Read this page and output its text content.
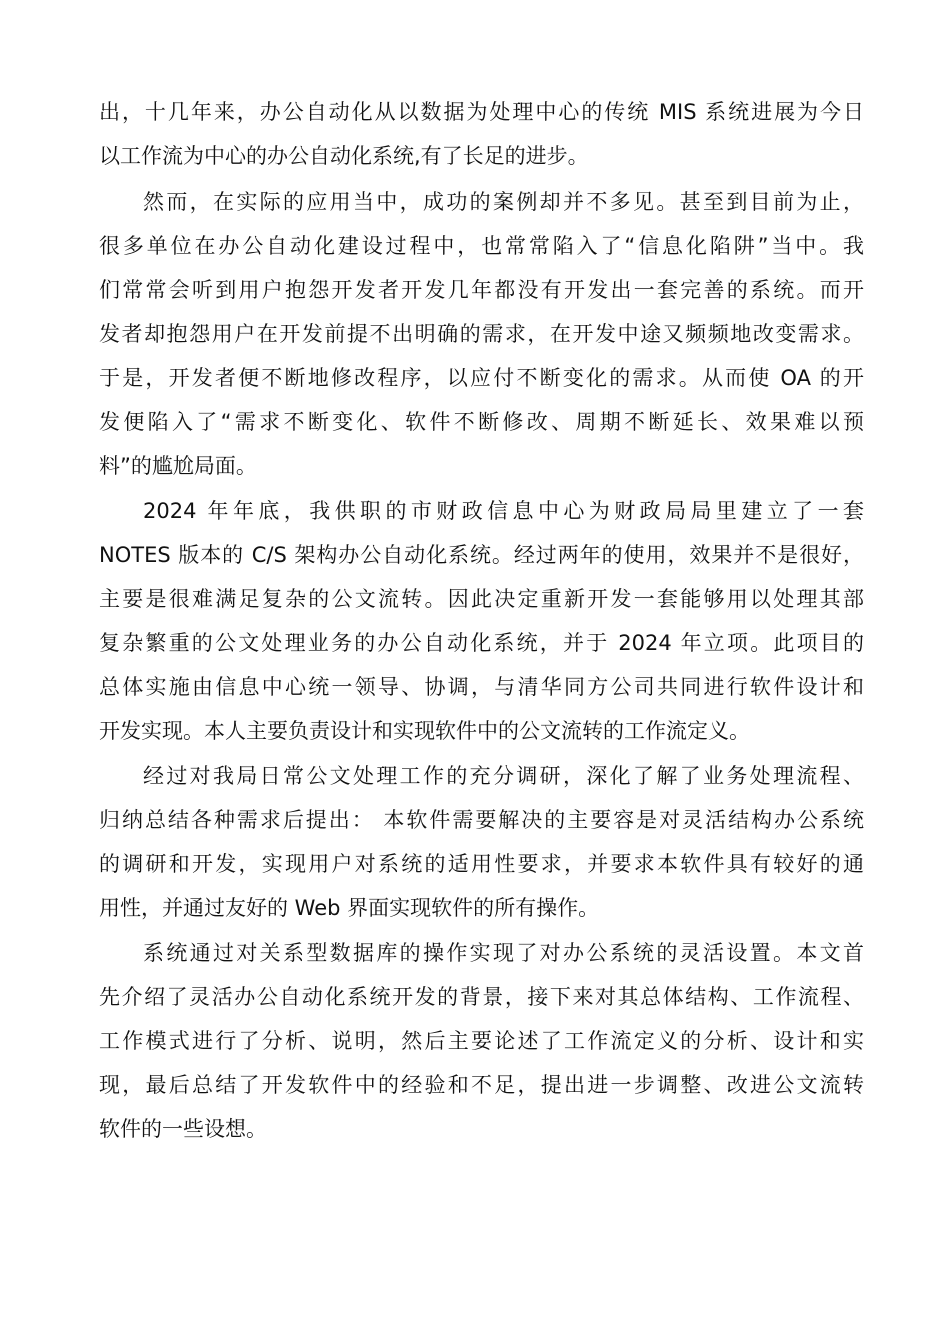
出，十几年来，办公自动化从以数据为处理中心的传统 MIS 系统进展为今日
以工作流为中心的办公自动化系统,有了长足的进步。
然而，在实际的应用当中，成功的案例却并不多见。甚至到目前为止，
很多单位在办公自动化建设过程中，也常常陷入了“信息化陷阱”当中。我
们常常会听到用户抱怨开发者开发几年都没有开发出一套完善的系统。而开
发者却抱怨用户在开发前提不出明确的需求，在开发中途又频频地改变需求。
于是，开发者便不断地修改程序，以应付不断变化的需求。从而使 OA 的开
发便陷入了“需求不断变化、软件不断修改、周期不断延长、效果难以预
料”的尴尬局面。
2024 年年底，我供职的市财政信息中心为财政局局里建立了一套
NOTES 版本的 C/S 架构办公自动化系统。经过两年的使用，效果并不是很好，
主要是很难满足复杂的公文流转。因此决定重新开发一套能够用以处理其部
复杂繁重的公文处理业务的办公自动化系统，并于 2024 年立项。此项目的
总体实施由信息中心统一领导、协调，与清华同方公司共同进行软件设计和
开发实现。本人主要负责设计和实现软件中的公文流转的工作流定义。
经过对我局日常公文处理工作的充分调研，深化了解了业务处理流程、
归纳总结各种需求后提出： 本软件需要解决的主要容是对灵活结构办公系统
的调研和开发，实现用户对系统的适用性要求，并要求本软件具有较好的通
用性，并通过友好的 Web 界面实现软件的所有操作。
系统通过对关系型数据库的操作实现了对办公系统的灵活设置。本文首
先介绍了灵活办公自动化系统开发的背景，接下来对其总体结构、工作流程、
工作模式进行了分析、说明，然后主要论述了工作流定义的分析、设计和实
现，最后总结了开发软件中的经验和不足，提出进一步调整、改进公文流转
软件的一些设想。
